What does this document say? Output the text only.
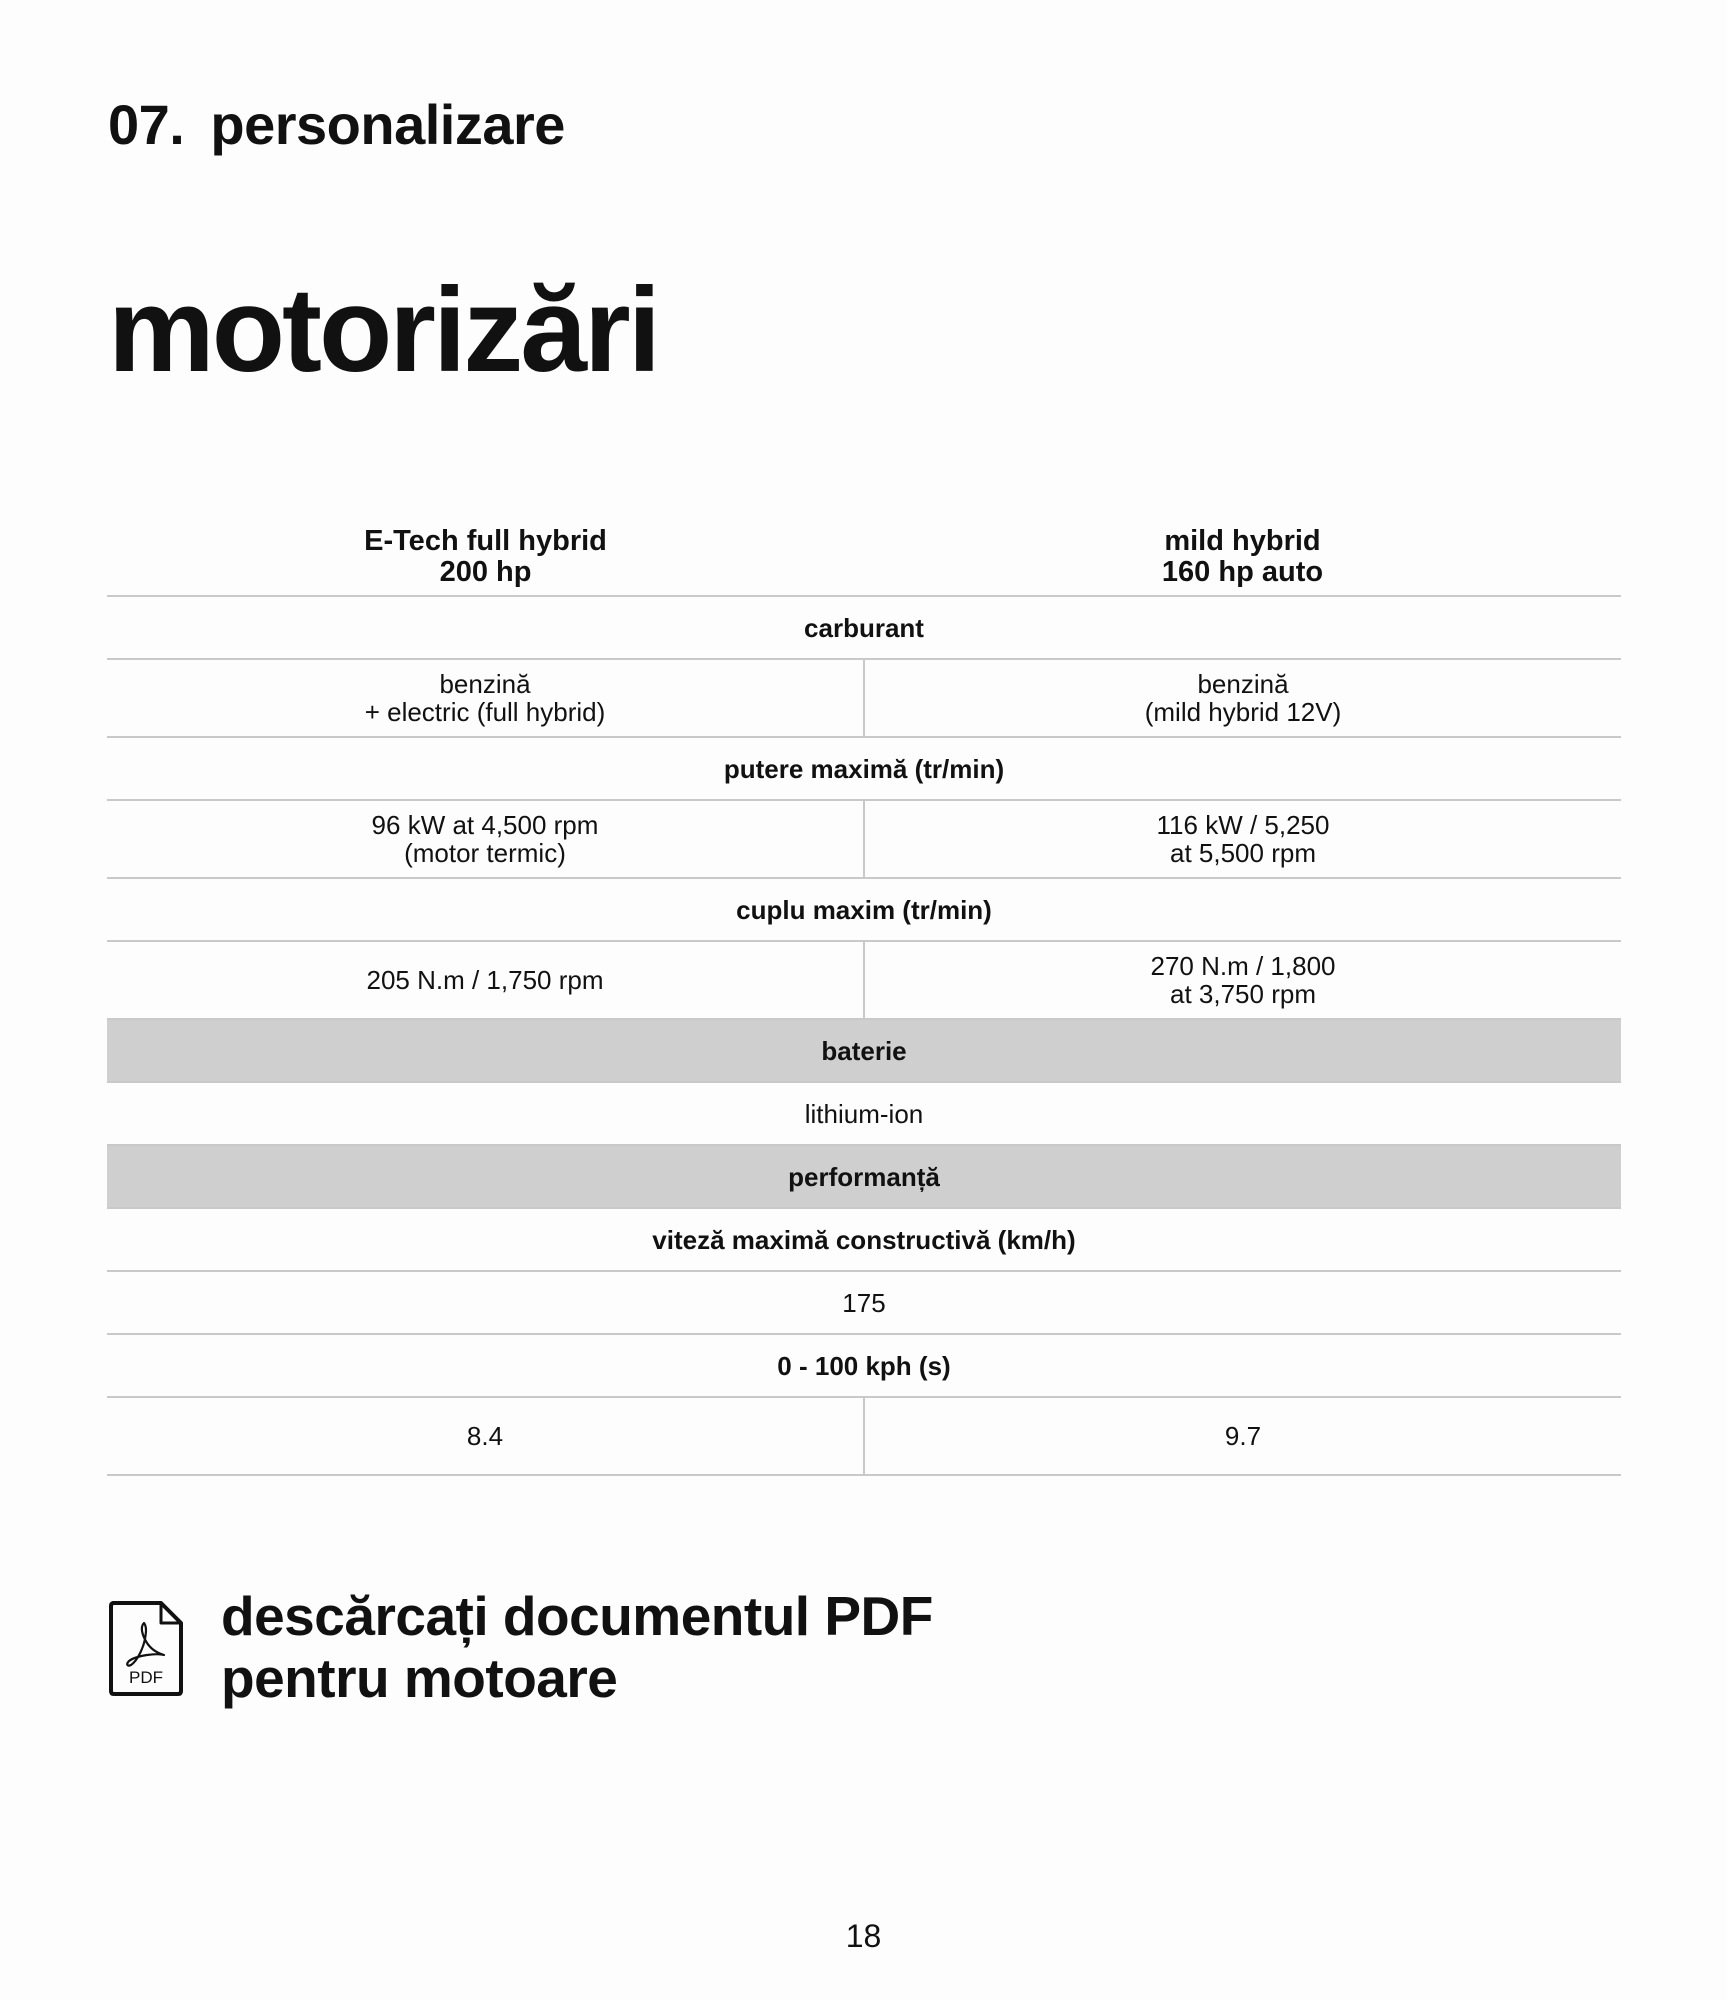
07. personalizare
motorizări
E-Tech full hybrid
200 hp
mild hybrid
160 hp auto
carburant
benzină
+ electric (full hybrid)
benzină
(mild hybrid 12V)
putere maximă (tr/min)
96 kW at 4,500 rpm
(motor termic)
116 kW / 5,250
at 5,500 rpm
cuplu maxim (tr/min)
205 N.m / 1,750 rpm	270 N.m / 1,800
at 3,750 rpm
baterie
lithium-ion
performanță
viteză maximă constructivă (km/h)
175
0 - 100 kph (s)
8.4	9.7
PDF
descărcați documentul PDF
pentru motoare
18
